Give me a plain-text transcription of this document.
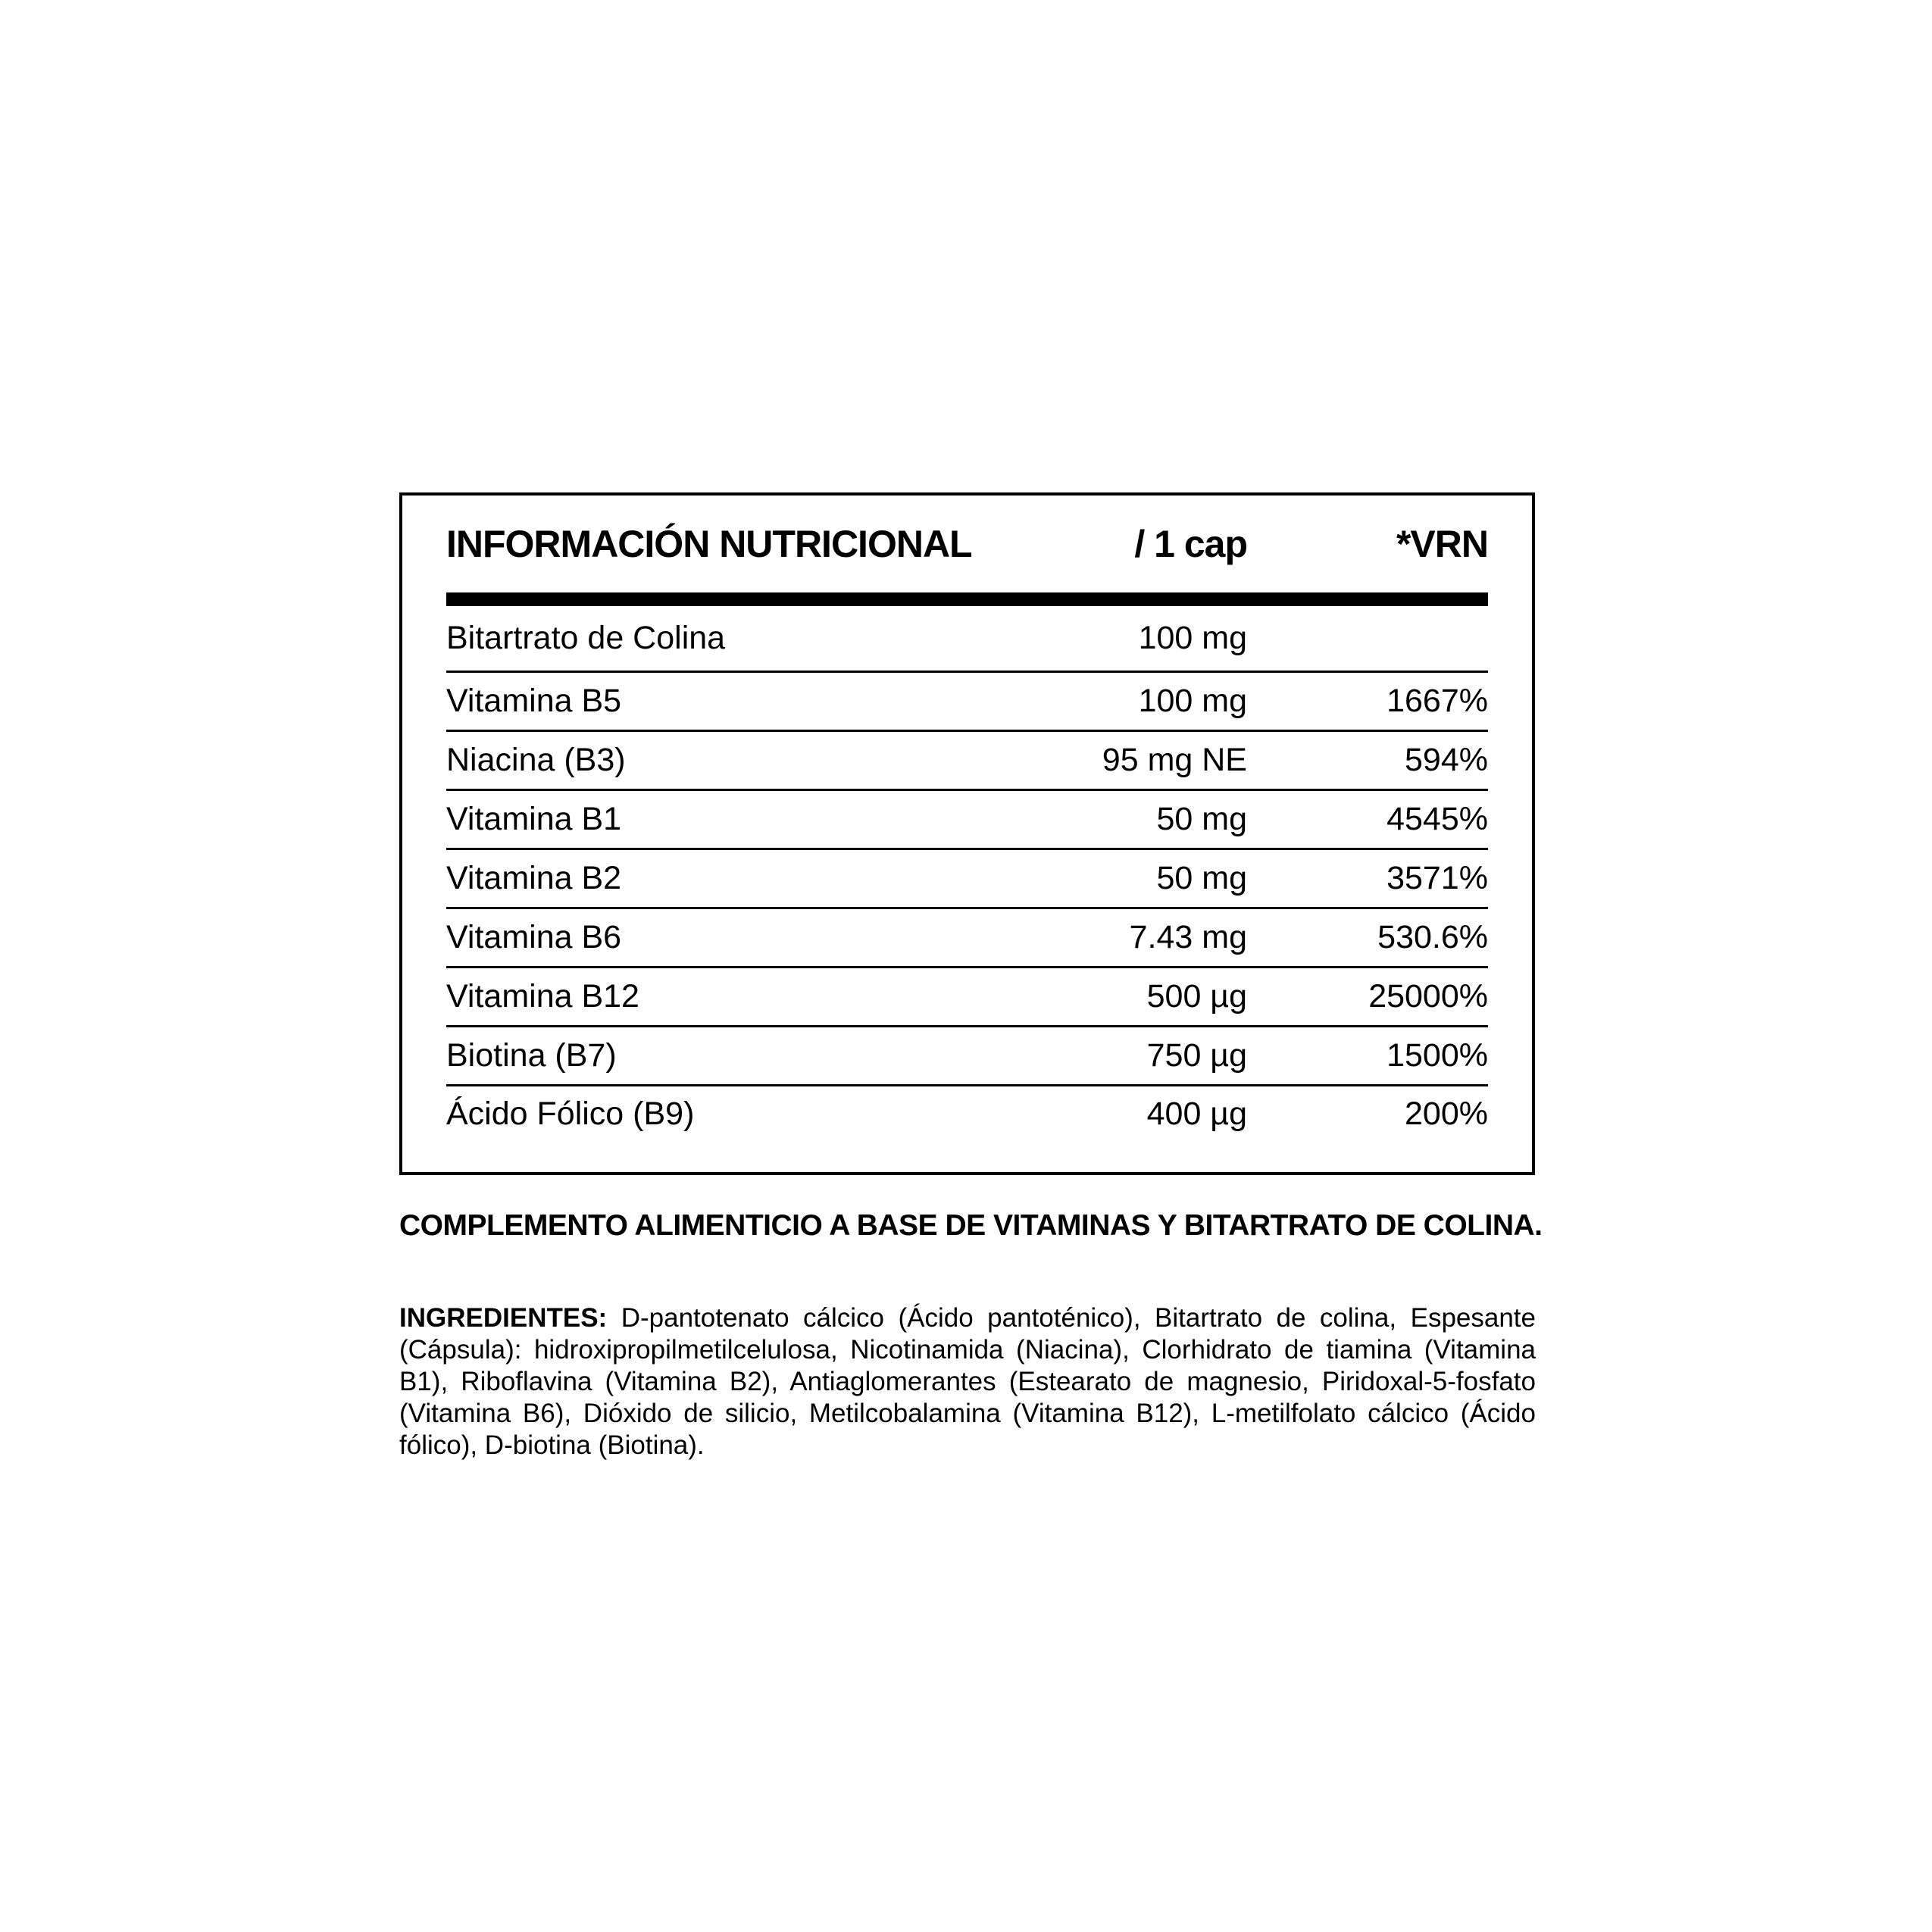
INFORMACIÓN NUTRICIONAL	/ 1 cap	*VRN
Bitartrato de Colina	100 mg
Vitamina B5	100 mg	1667%
Niacina (B3)	95 mg NE	594%
Vitamina B1	50 mg	4545%
Vitamina B2	50 mg	3571%
Vitamina B6	7.43 mg	530.6%
Vitamina B12	500 µg	25000%
Biotina (B7)	750 µg	1500%
Ácido Fólico (B9)	400 µg	200%
COMPLEMENTO ALIMENTICIO A BASE DE VITAMINAS Y BITARTRATO DE COLINA.

INGREDIENTES: D-pantotenato cálcico (Ácido pantoténico), Bitartrato de colina, Espesante (Cápsula): hidroxipropilmetilcelulosa, Nicotinamida (Niacina), Clorhidrato de tiamina (Vitamina B1), Riboflavina (Vitamina B2), Antiaglomerantes (Estearato de magnesio, Piridoxal-5-fosfato (Vitamina B6), Dióxido de silicio, Metilcobalamina (Vitamina B12), L-metilfolato cálcico (Ácido fólico), D-biotina (Biotina).
